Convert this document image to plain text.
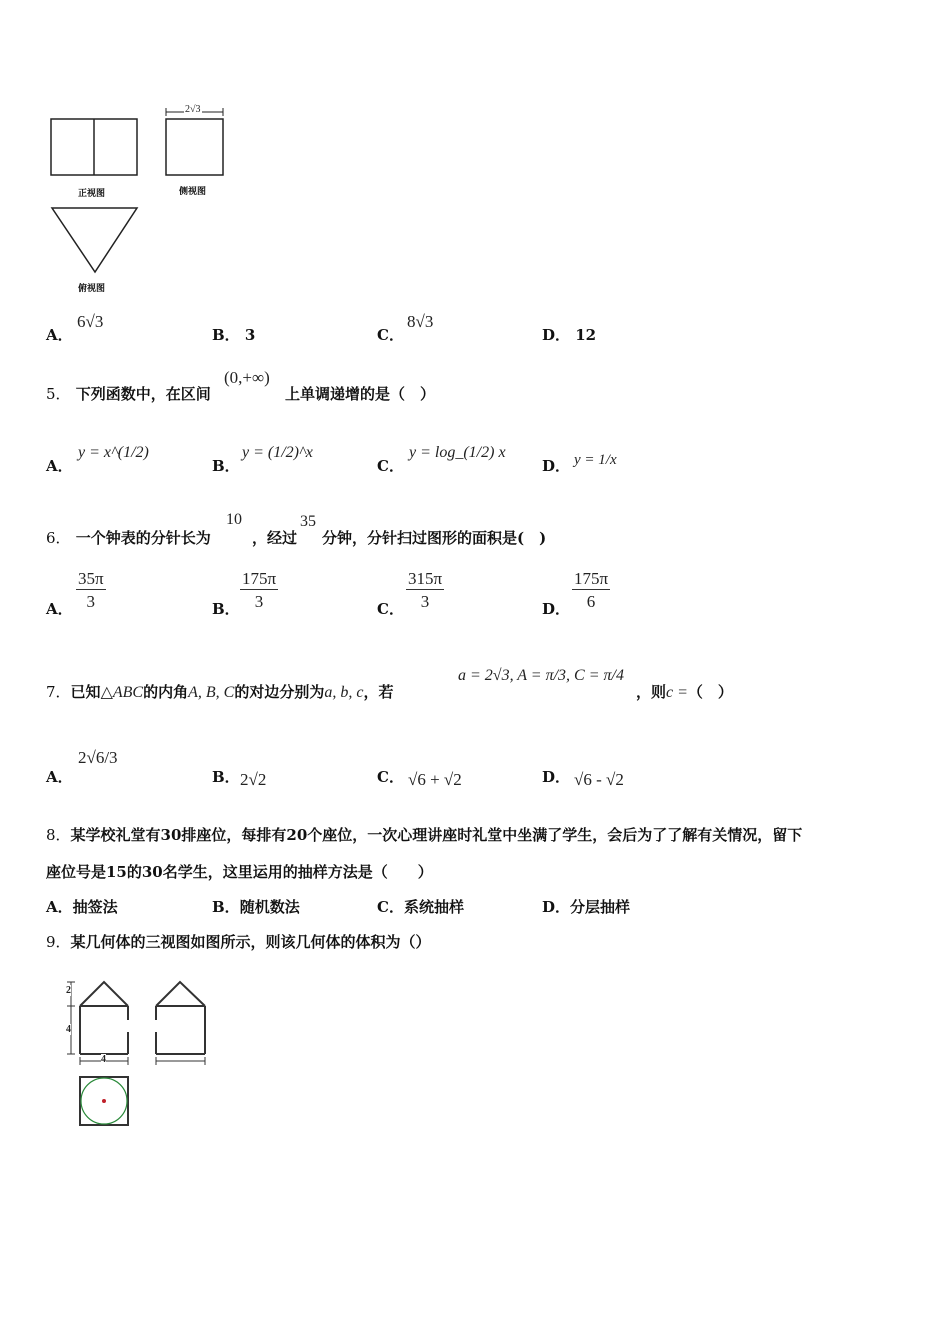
正视图	侧视图
俯视图
2√3
A．
6√3
B． 3	C．
8√3
D． 12
5． 下列函数中，在区间
(0,+∞)
上单调递增的是（　）
A．
y = x^(1/2)
B．
y = (1/2)^x
C．
y = log_(1/2) x
D． y = 1/x
6． 一个钟表的分针长为
10
，经过
35
分钟，分针扫过图形的面积是(　)
A． $\frac{35\pi}{3}$	B． $\frac{175\pi}{3}$	C． $\frac{315\pi}{3}$	D． $\frac{175\pi}{6}$
7．已知△ABC的内角A, B, C的对边分别为a, b, c，若
a = 2√3, A = π/3, C = π/4
，则c =（　）
A．
2√6/3
B． 2√2	C． √6 + √2	D． √6 - √2
8．某学校礼堂有30排座位，每排有20个座位，一次心理讲座时礼堂中坐满了学生，会后为了了解有关情况，留下
座位号是15的30名学生，这里运用的抽样方法是（　　）
A．抽签法	B．随机数法	C．系统抽样	D．分层抽样
9．某几何体的三视图如图所示，则该几何体的体积为（）
2
4
4
